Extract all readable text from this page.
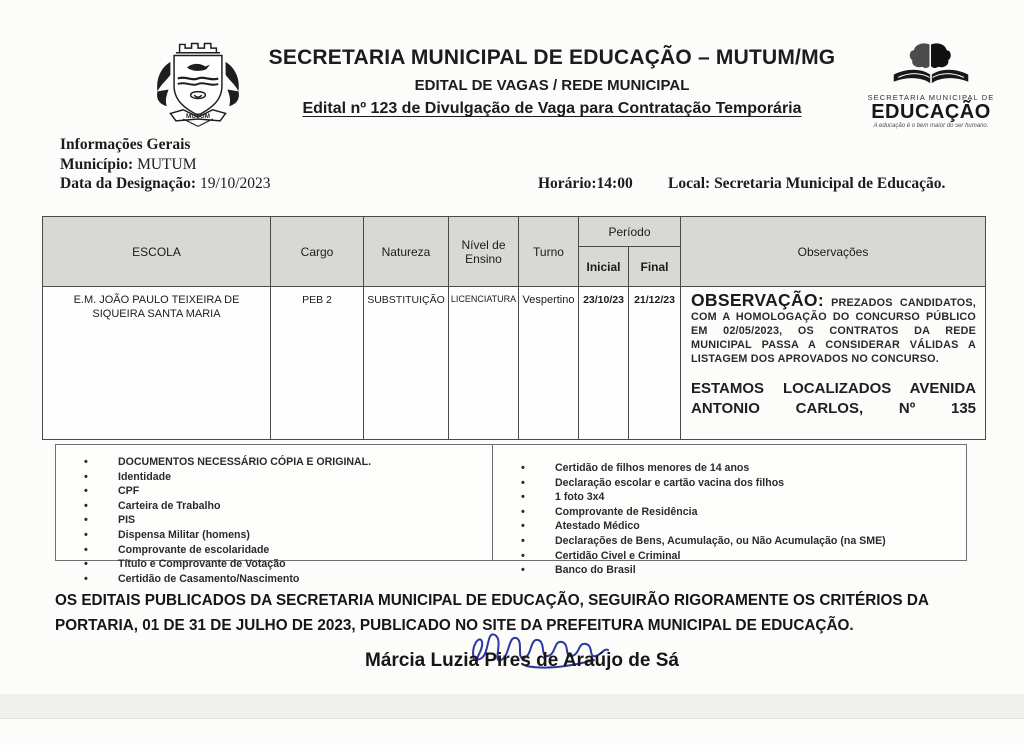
MUTUM
SECRETARIA MUNICIPAL DE EDUCAÇÃO – MUTUM/MG
EDITAL DE VAGAS / REDE MUNICIPAL
Edital nº 123 de Divulgação de Vaga para Contratação Temporária
SECRETARIA MUNICIPAL DE
EDUCAÇÃO
A educação é o bem maior do ser humano.
Informações Gerais
Município: MUTUM
Data da Designação: 19/10/2023	Horário:14:00 Local: Secretaria Municipal de Educação.
ESCOLA	Cargo	Natureza	Nível de Ensino	Turno	Período		Observações
					Inicial	Final	
E.M. JOÃO PAULO TEIXEIRA DE SIQUEIRA SANTA MARIA	PEB 2	SUBSTITUIÇÃO	LICENCIATURA	Vespertino	23/10/23	21/12/23	OBSERVAÇÃO: PREZADOS CANDIDATOS, COM A HOMOLOGAÇÃO DO CONCURSO PÚBLICO EM 02/05/2023, OS CONTRATOS DA REDE MUNICIPAL PASSA A CONSIDERAR VÁLIDAS A LISTAGEM DOS APROVADOS NO CONCURSO.
ESTAMOS LOCALIZADOS AVENIDA ANTONIO CARLOS, Nº 135
• DOCUMENTOS NECESSÁRIO CÓPIA E ORIGINAL.
• Identidade
• CPF
• Carteira de Trabalho
• PIS
• Dispensa Militar (homens)
• Comprovante de escolaridade
• Título e Comprovante de Votação
• Certidão de Casamento/Nascimento
• Certidão de filhos menores de 14 anos
• Declaração escolar e cartão vacina dos filhos
• 1 foto 3x4
• Comprovante de Residência
• Atestado Médico
• Declarações de Bens, Acumulação, ou Não Acumulação (na SME)
• Certidão Civel e Criminal
• Banco do Brasil

OS EDITAIS PUBLICADOS DA SECRETARIA MUNICIPAL DE EDUCAÇÃO, SEGUIRÃO RIGORAMENTE OS CRITÉRIOS DA PORTARIA, 01 DE 31 DE JULHO DE 2023, PUBLICADO NO SITE DA PREFEITURA MUNICIPAL DE EDUCAÇÃO.

Márcia Luzia Pires de Araújo de Sá
